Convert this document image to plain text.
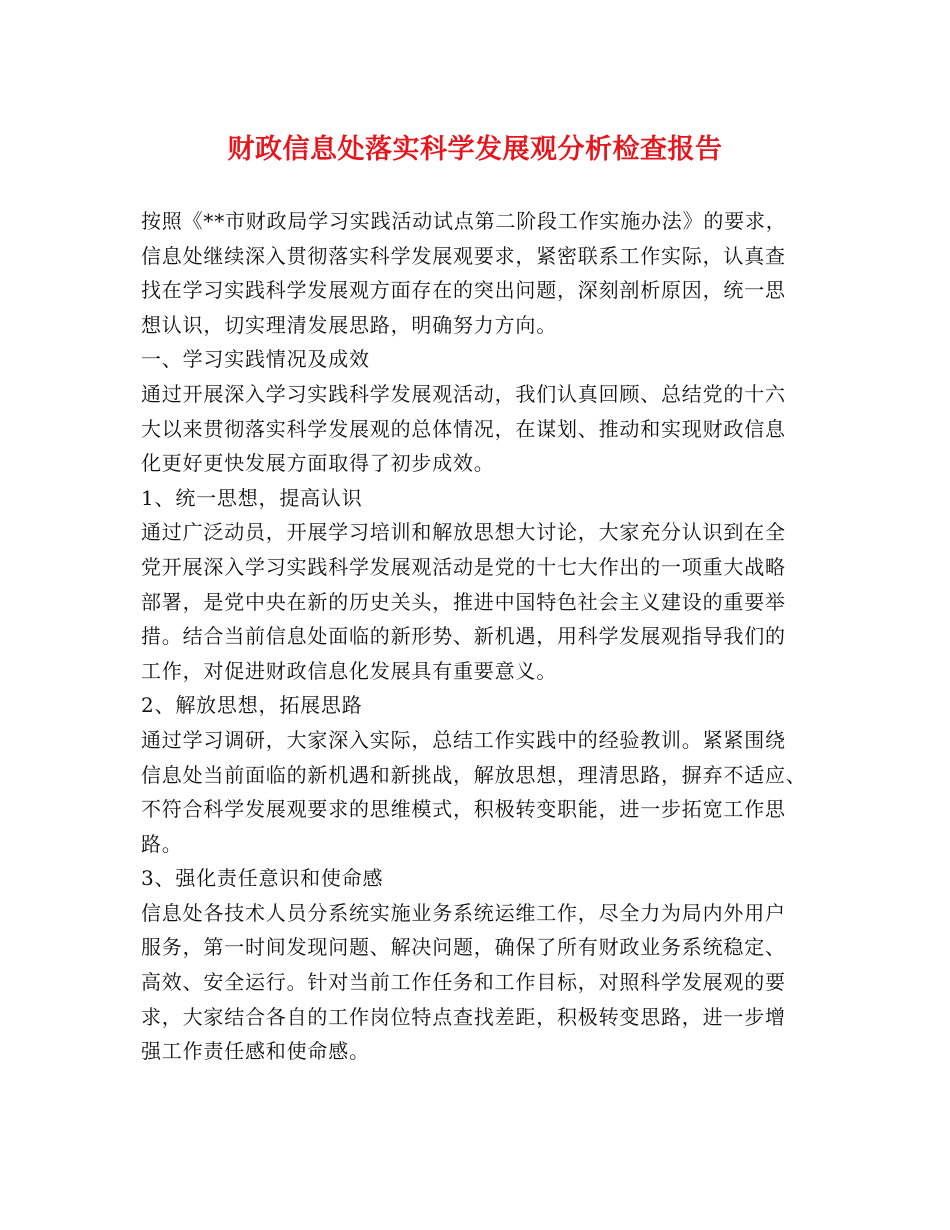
财政信息处落实科学发展观分析检查报告
按照《**市财政局学习实践活动试点第二阶段工作实施办法》的要求，
信息处继续深入贯彻落实科学发展观要求，紧密联系工作实际，认真查
找在学习实践科学发展观方面存在的突出问题，深刻剖析原因，统一思
想认识，切实理清发展思路，明确努力方向。
一、学习实践情况及成效
通过开展深入学习实践科学发展观活动，我们认真回顾、总结党的十六
大以来贯彻落实科学发展观的总体情况，在谋划、推动和实现财政信息
化更好更快发展方面取得了初步成效。
1、统一思想，提高认识
通过广泛动员，开展学习培训和解放思想大讨论，大家充分认识到在全
党开展深入学习实践科学发展观活动是党的十七大作出的一项重大战略
部署，是党中央在新的历史关头，推进中国特色社会主义建设的重要举
措。结合当前信息处面临的新形势、新机遇，用科学发展观指导我们的
工作，对促进财政信息化发展具有重要意义。
2、解放思想，拓展思路
通过学习调研，大家深入实际，总结工作实践中的经验教训。紧紧围绕
信息处当前面临的新机遇和新挑战，解放思想，理清思路，摒弃不适应、
不符合科学发展观要求的思维模式，积极转变职能，进一步拓宽工作思
路。
3、强化责任意识和使命感
信息处各技术人员分系统实施业务系统运维工作，尽全力为局内外用户
服务，第一时间发现问题、解决问题，确保了所有财政业务系统稳定、
高效、安全运行。针对当前工作任务和工作目标，对照科学发展观的要
求，大家结合各自的工作岗位特点查找差距，积极转变思路，进一步增
强工作责任感和使命感。
